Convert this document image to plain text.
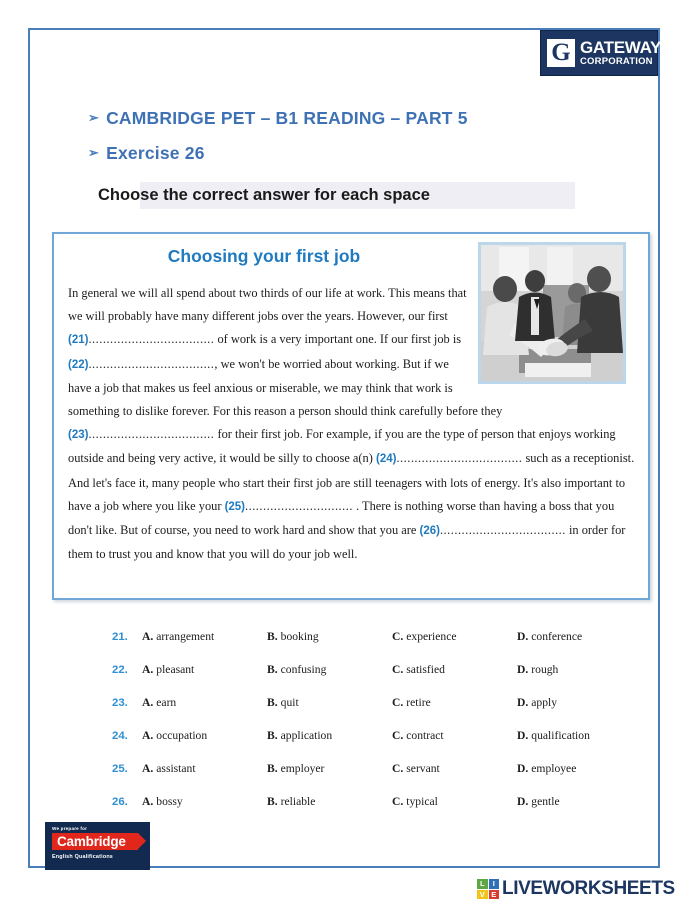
G GATEWAY
CORPORATION
➢ CAMBRIDGE PET – B1 READING – PART 5
➢ Exercise 26
Choose the correct answer for each space
Choosing your first job

In general we will all spend about two thirds of our life at work. This means that we will probably have many different jobs over the years. However, our first (21)................................... of work is a very important one. If our first job is (22)..................................., we won't be worried about working. But if we have a job that makes us feel anxious or miserable, we may think that work is something to dislike forever. For this reason a person should think carefully before they (23)................................... for their first job. For example, if you are the type of person that enjoys working outside and being very active, it would be silly to choose a(n) (24)................................... such as a receptionist. And let's face it, many people who start their first job are still teenagers with lots of energy. It's also important to have a job where you like your (25).............................. . There is nothing worse than having a boss that you don't like. But of course, you need to work hard and show that you are (26)................................... in order for them to trust you and know that you will do your job well.

21.	A. arrangement	B. booking	C. experience	D. conference
22.	A. pleasant	B. confusing	C. satisfied	D. rough
23.	A. earn	B. quit	C. retire	D. apply
24.	A. occupation	B. application	C. contract	D. qualification
25.	A. assistant	B. employer	C. servant	D. employee
26.	A. bossy	B. reliable	C. typical	D. gentle
We prepare for
Cambridge
English Qualifications
L	I
V E LIVEWORKSHEETS
